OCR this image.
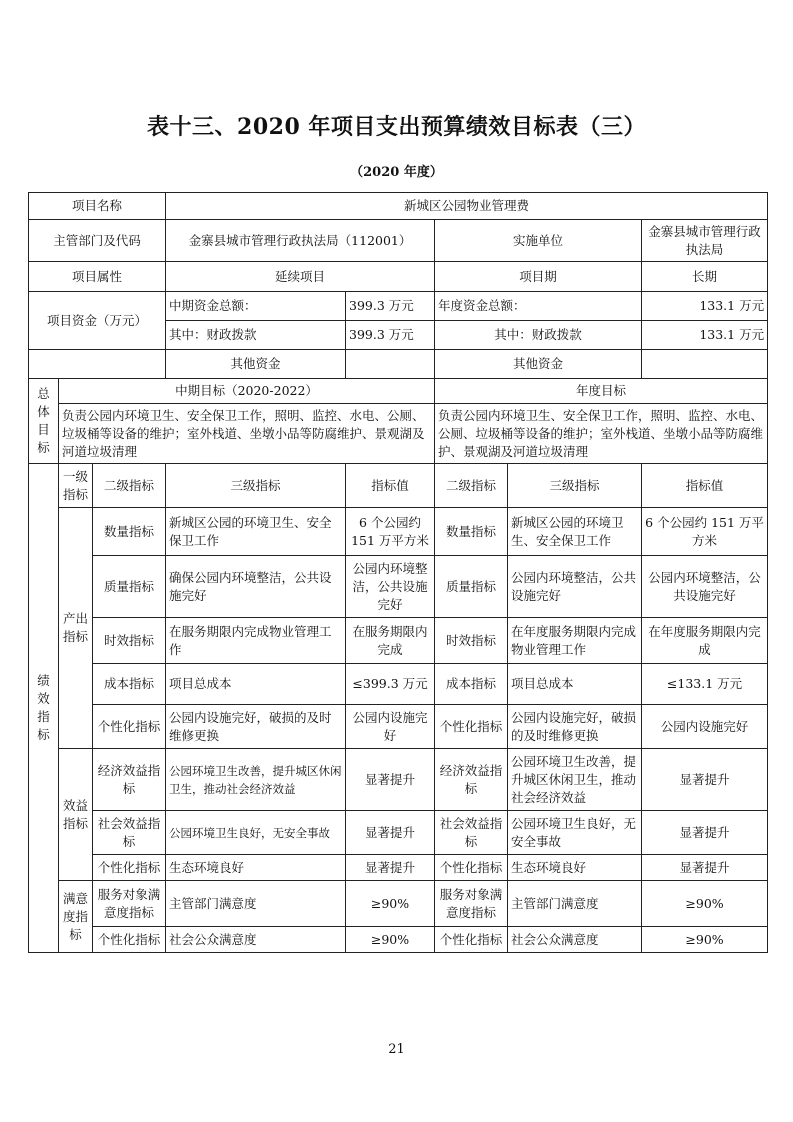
表十三、2020 年项目支出预算绩效目标表（三）
（2020 年度）
项目名称			新城区公园物业管理费				
主管部门及代码			金寨县城市管理行政执法局（112001）		实施单位		金寨县城市管理行政执法局
项目属性			延续项目		项目期		长期
项目资金（万元）			中期资金总额：	399.3 万元	年度资金总额：		133.1 万元
			其中：财政拨款	399.3 万元	其中：财政拨款		133.1 万元
			其他资金		其他资金		
总体目标	中期目标（2020-2022）				年度目标		
	负责公园内环境卫生、安全保卫工作，照明、监控、水电、公厕、垃圾桶等设备的维护；室外栈道、坐墩小品等防腐维护、景观湖及河道垃圾清理				负责公园内环境卫生、安全保卫工作，照明、监控、水电、公厕、垃圾桶等设备的维护；室外栈道、坐墩小品等防腐维护、景观湖及河道垃圾清理		
绩效指标	一级指标	二级指标	三级指标	指标值	二级指标	三级指标	指标值
	产出指标	数量指标	新城区公园的环境卫生、安全保卫工作	6 个公园约 151 万平方米	数量指标	新城区公园的环境卫生、安全保卫工作	6 个公园约 151 万平方米
		质量指标	确保公园内环境整洁，公共设施完好	公园内环境整洁，公共设施完好	质量指标	公园内环境整洁，公共设施完好	公园内环境整洁，公共设施完好
		时效指标	在服务期限内完成物业管理工作	在服务期限内完成	时效指标	在年度服务期限内完成物业管理工作	在年度服务期限内完成
		成本指标	项目总成本	≤399.3 万元	成本指标	项目总成本	≤133.1 万元
		个性化指标	公园内设施完好，破损的及时维修更换	公园内设施完好	个性化指标	公园内设施完好，破损的及时维修更换	公园内设施完好
	效益指标	经济效益指标	公园环境卫生改善，提升城区休闲卫生，推动社会经济效益	显著提升	经济效益指标	公园环境卫生改善，提升城区休闲卫生，推动社会经济效益	显著提升
		社会效益指标	公园环境卫生良好，无安全事故	显著提升	社会效益指标	公园环境卫生良好，无安全事故	显著提升
		个性化指标	生态环境良好	显著提升	个性化指标	生态环境良好	显著提升
	满意度指标	服务对象满意度指标	主管部门满意度	≥90%	服务对象满意度指标	主管部门满意度	≥90%
		个性化指标	社会公众满意度	≥90%	个性化指标	社会公众满意度	≥90%
21
